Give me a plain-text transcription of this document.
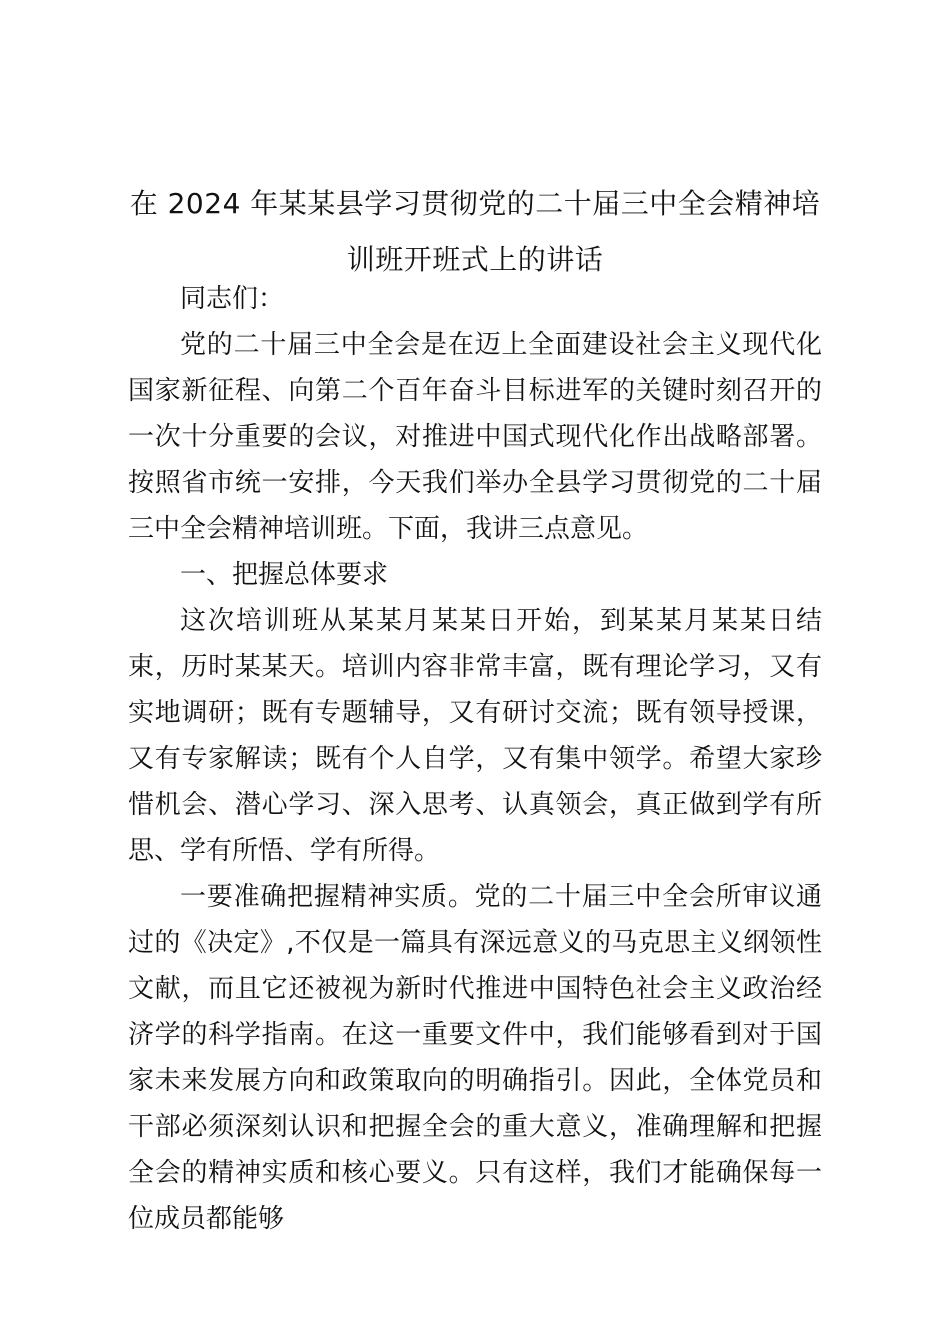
在 2024 年某某县学习贯彻党的二十届三中全会精神培训班开班式上的讲话

同志们：

党的二十届三中全会是在迈上全面建设社会主义现代化国家新征程、向第二个百年奋斗目标进军的关键时刻召开的一次十分重要的会议，对推进中国式现代化作出战略部署。按照省市统一安排，今天我们举办全县学习贯彻党的二十届三中全会精神培训班。下面，我讲三点意见。

一、把握总体要求

这次培训班从某某月某某日开始，到某某月某某日结束，历时某某天。培训内容非常丰富，既有理论学习，又有实地调研；既有专题辅导，又有研讨交流；既有领导授课，又有专家解读；既有个人自学，又有集中领学。希望大家珍惜机会、潜心学习、深入思考、认真领会，真正做到学有所思、学有所悟、学有所得。

一要准确把握精神实质。党的二十届三中全会所审议通过的《决定》,不仅是一篇具有深远意义的马克思主义纲领性文献，而且它还被视为新时代推进中国特色社会主义政治经济学的科学指南。在这一重要文件中，我们能够看到对于国家未来发展方向和政策取向的明确指引。因此，全体党员和干部必须深刻认识和把握全会的重大意义，准确理解和把握全会的精神实质和核心要义。只有这样，我们才能确保每一位成员都能够
